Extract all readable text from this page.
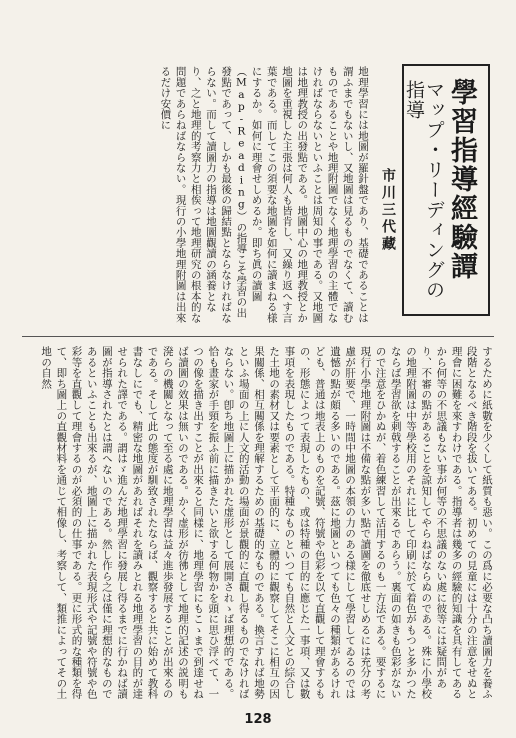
學習指導經驗譚
マップ・リーディングの指導
市川三代藏
地理學習には地圖が羅針盤であり、基礎であることは謂ふまでもないし、又地圖は見るものでなくて、讀むものであることや地理附圖でなく地理學習の主體でなければならないといふことは周知の事である。又地圖は地理教授の出發點である。地圖中心の地理教授とか地圖を重視した主張は何人も皆肯し、又繰り返へす言葉である。而してこの須要な地圖を如何に讀まねる様にするか。如何に理會せしめるか。即ち眞の讀圖（Map-Reading）の指導こそ學習の出發點であって、しかも最後の歸結點とならなければならない。而して讀圖力の指導は地圖觀讀の涵養となり、之と地理的考察力と相俟って地理研究の根本的な問題であらねばならない。現行の小學地理附圖は出來るだけ安價に
するために紙數を少くして紙質も惡い。この爲に必要な凸ち讀圖力を養ふ段階となるべき階段を拔いてある。初めての見童には十分の注意をせぬと理會に困難を來すわけである。指導者は幾多の經驗的知識を具有してあるから何等の不思議もない事が何等の不思議のない處に彼等には疑問があり、不審の點があることを諒知してやらねばならぬのである。殊に小學校の地理附圖は中等學校用のそれに比して印刷に於て着色がもつと多かつたならば學習欲を刺戟することが出來るであらう。裏面の如きも色彩がないので注意をひかぬが、着色練習して活用するのも一方法である。要するに現行小學地理附圖は不備な點が多い點で讀圖を徹底せしめるには充分の考慮が肝要で、一時間中地圖の本領の力のある様にして學習してゐるのでは遺憾の點が頗る多いのである。茲に地圖といつても色々の種類があるけれども、普通は地表上のものを記號、符號や色彩を以て直觀して理會するもの、形態によつて表現したもの、或は特種の目的に應じた一事項、又は數事項を表現したものである。特種なものといつても自然と人文との綜合した土地の素材又は要素として平面的に、立體的に觀察してそこに相互の因果關係、相互關係を理解するための基礎的なものである。換言すれば地勢といふ場面の上に人文的活動の場面が景觀的に直觀し得るものでなければならない。卽ち地圖上に描かれた虚形として展開されゝば理想的である。恰も畫家が手頸を振ふ前に描きたいと欲する何物かを頭に思ひ浮べて、一つの像を描き出すことが出來ると同樣に、地理學習にもこゝまで到達せねば讀圖の效果は無いのである。かく虚形が彷彿として地理的記述の説明も溌らの機關となって至る處に地理學習は益々進歩發展することが出來るのである。そして此の態度が馴致されたならば、觀察すると共に始めて教科書なしにでも、精密な地圖があればそれを讀みとれる地理學習の目的が達せられた譯である。謂はゞ進んだ地理學習に發展し得るまでに行かねば讀圖が指導されたとは謂へないのである。然し作ら之は僅に理想的なものであるといふことも出來るが、地圖上に描かれた表現形式や記號や符號や色彩等を直觀して理會するのが必須的の仕事である。更に形式的な種類を得て、即ち圖上の直觀材料を通じて相像し、考察して、類推によってその土地の自然
128
